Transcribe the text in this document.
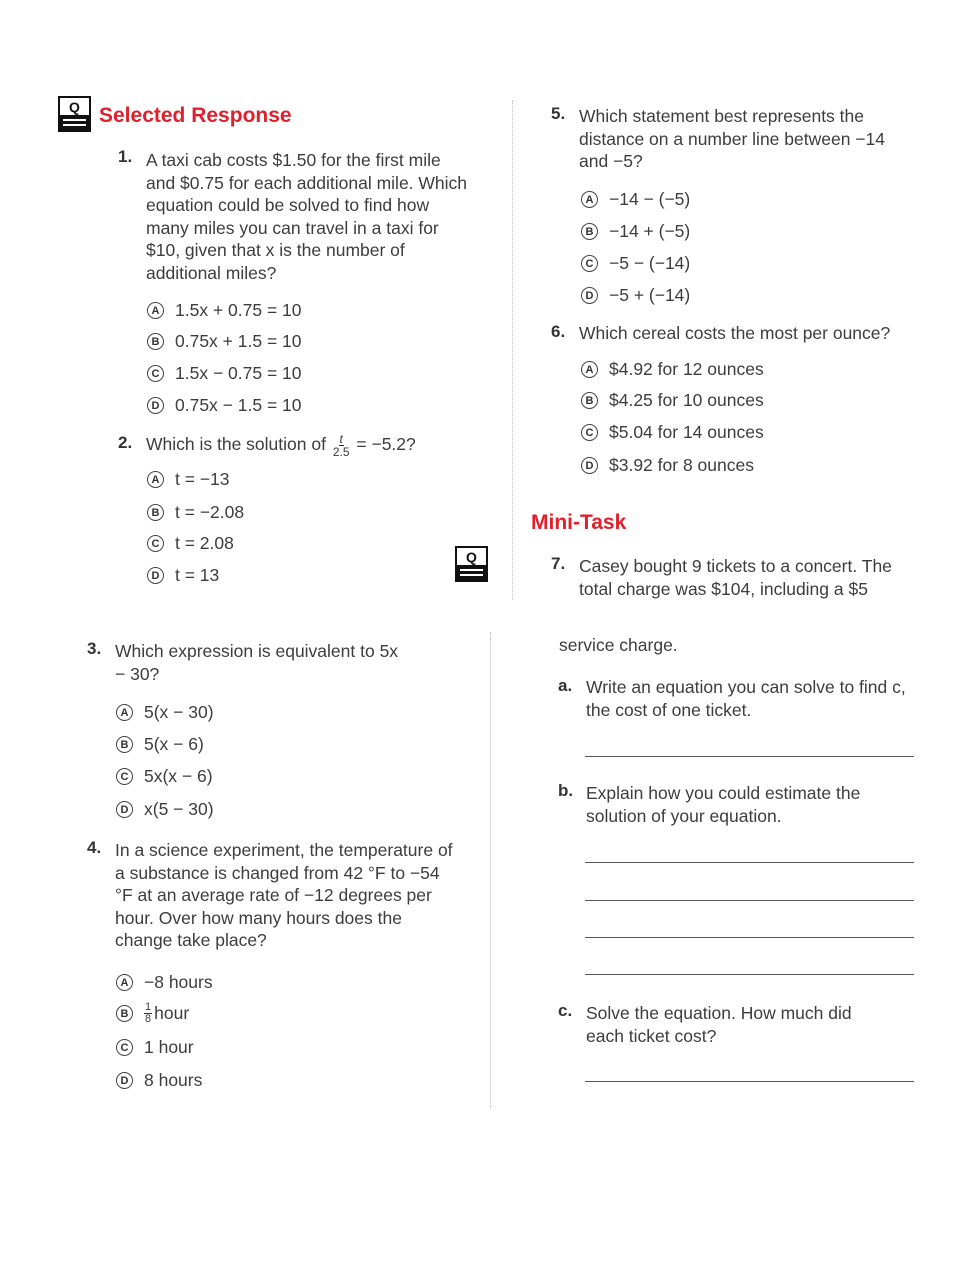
Q Selected Response
1. A taxi cab costs $1.50 for the first mile and $0.75 for each additional mile. Which equation could be solved to find how many miles you can travel in a taxi for $10, given that x is the number of additional miles?
A 1.5x + 0.75 = 10
B 0.75x + 1.5 = 10
C 1.5x − 0.75 = 10
D 0.75x − 1.5 = 10
2. Which is the solution of $\frac{t}{2.5} = -5.2$?
A t = −13
B t = −2.08
C t = 2.08
D t = 13
Q
5. Which statement best represents the distance on a number line between −14 and −5?
A −14 − (−5)
B −14 + (−5)
C −5 − (−14)
D −5 + (−14)
6. Which cereal costs the most per ounce?
A $4.92 for 12 ounces
B $4.25 for 10 ounces
C $5.04 for 14 ounces
D $3.92 for 8 ounces
Mini-Task
7. Casey bought 9 tickets to a concert. The total charge was $104, including a $5
3. Which expression is equivalent to 5x − 30?
A 5(x − 30)
B 5(x − 6)
C 5x(x − 6)
D x(5 − 30)
4. In a science experiment, the temperature of a substance is changed from 42 °F to −54 °F at an average rate of −12 degrees per hour. Over how many hours does the change take place?
A −8 hours
B	$\frac{1}{8}$ hour
C 1 hour
D 8 hours
service charge.
a. Write an equation you can solve to find c, the cost of one ticket.
b. Explain how you could estimate the solution of your equation.
c. Solve the equation. How much did each ticket cost?
